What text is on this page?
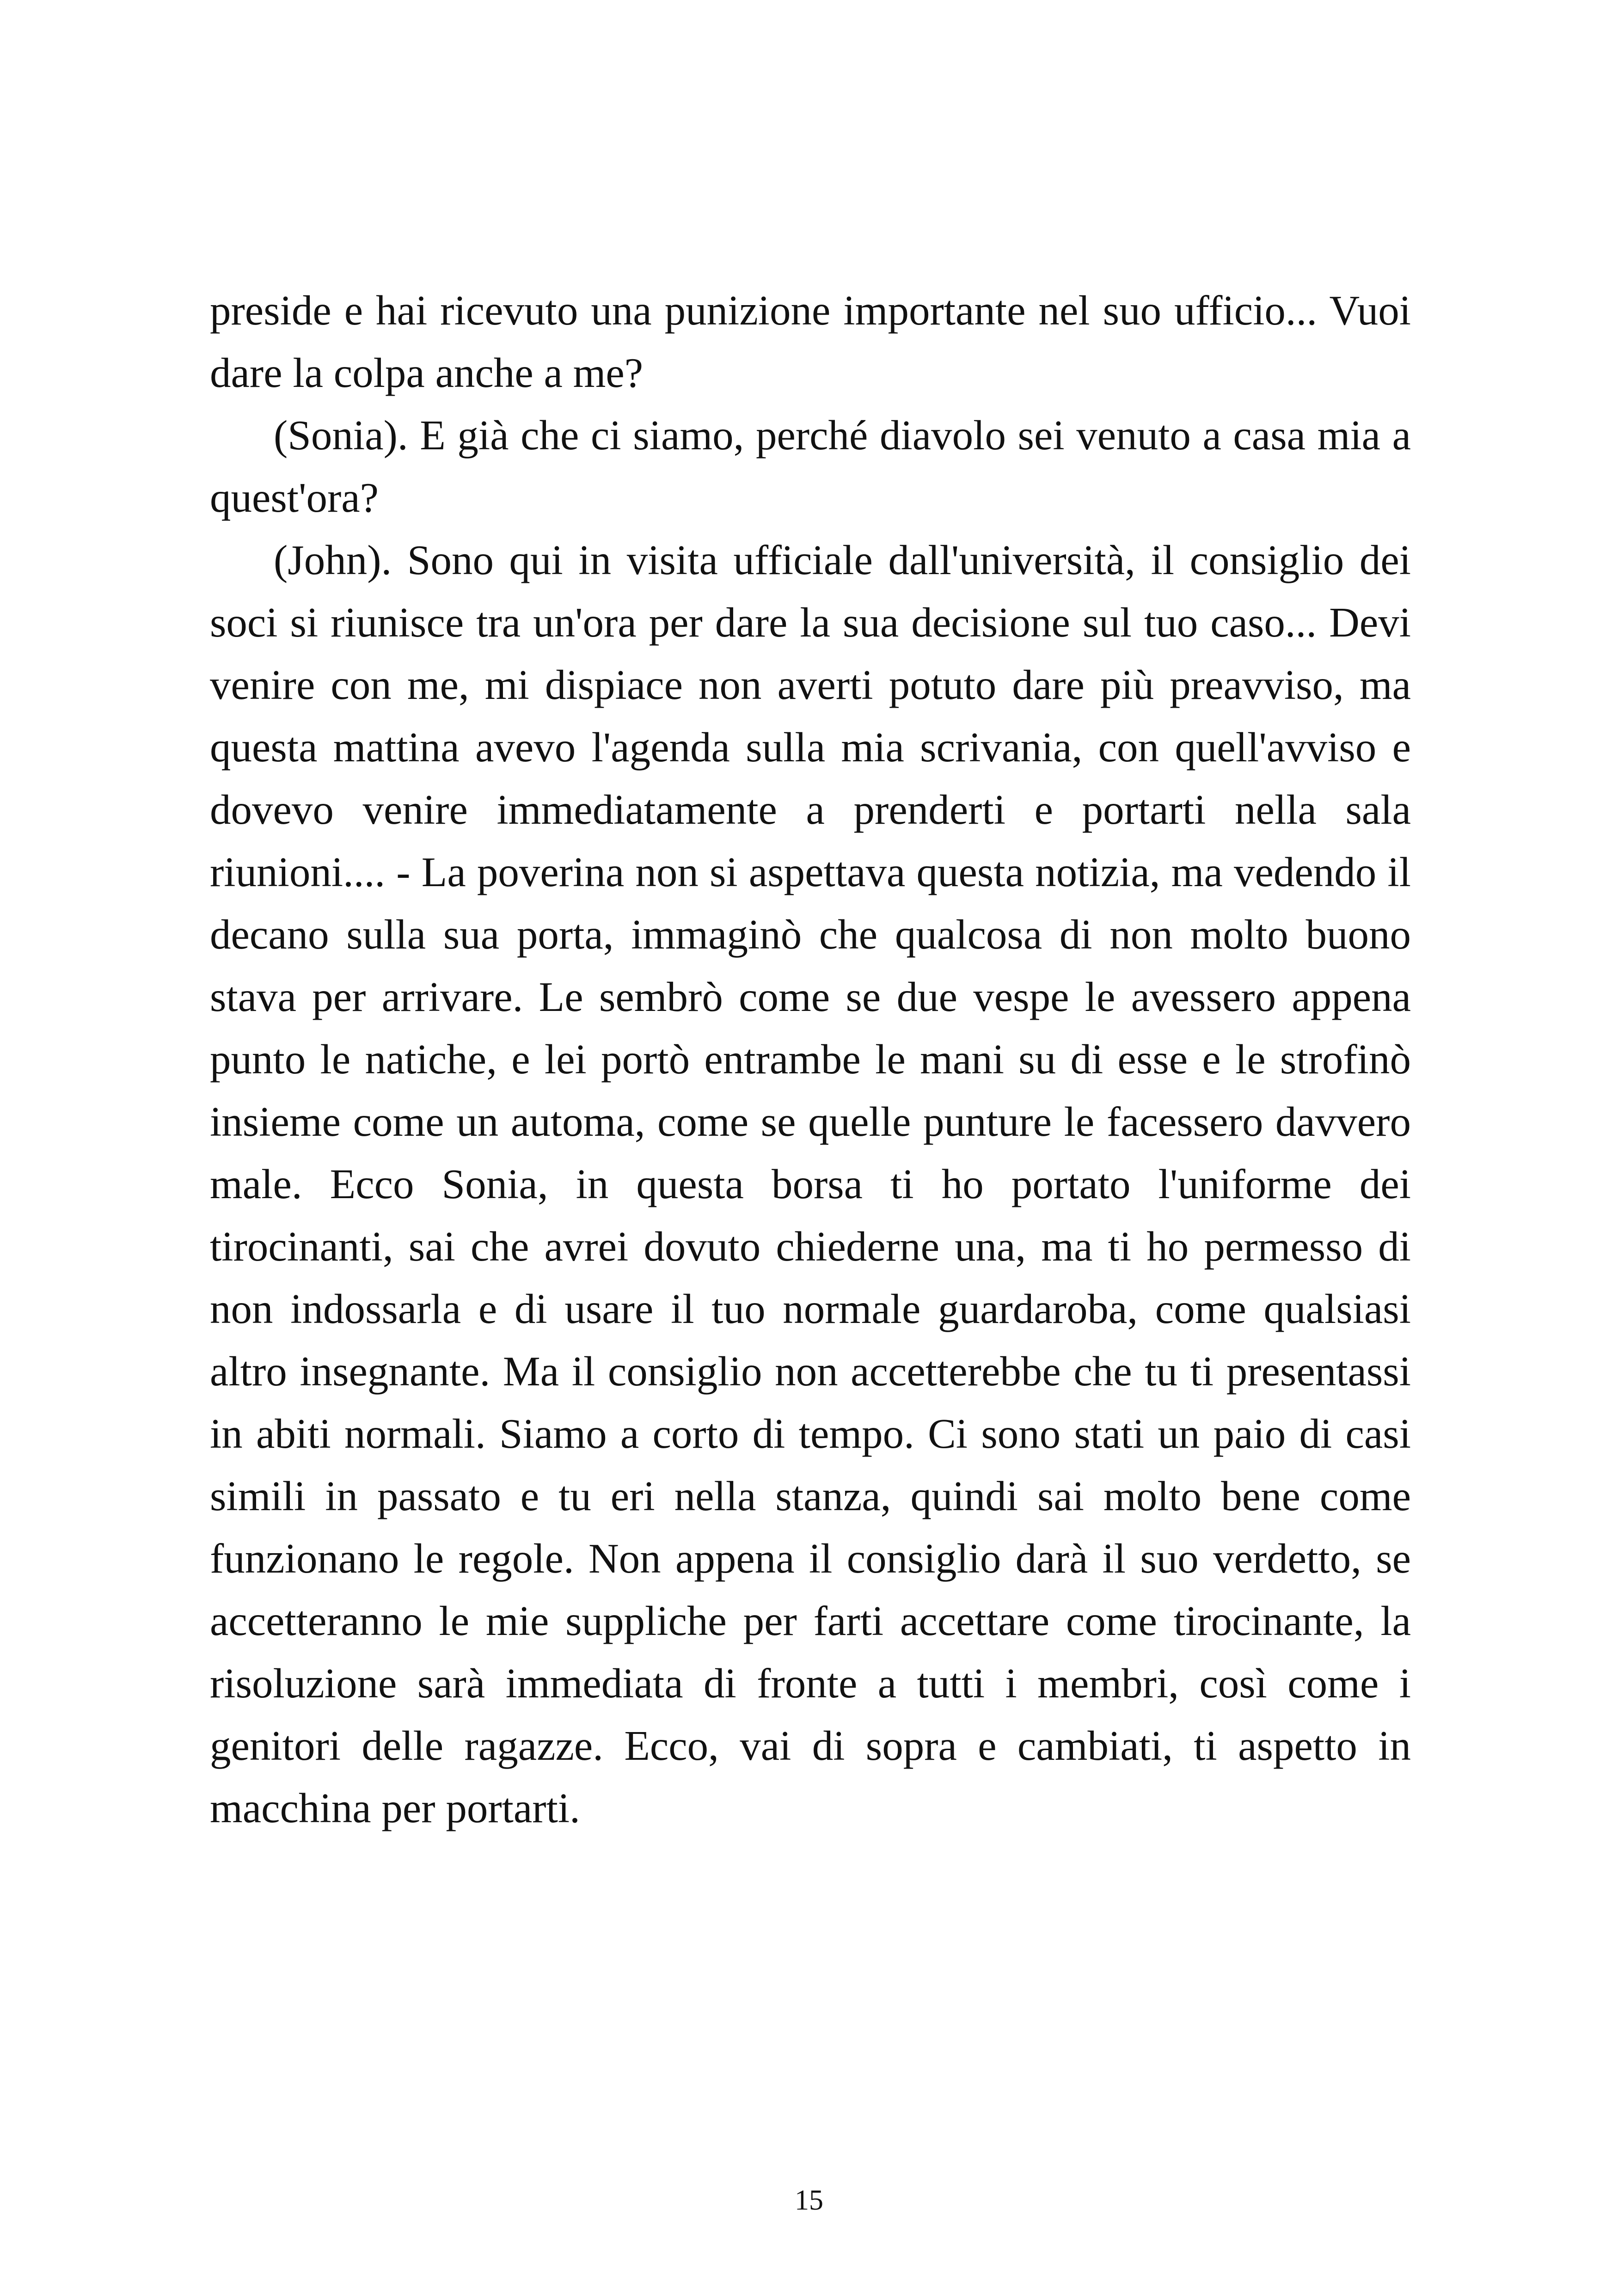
preside e hai ricevuto una punizione importante nel suo ufficio... Vuoi dare la colpa anche a me?

(Sonia). E già che ci siamo, perché diavolo sei venuto a casa mia a quest'ora?

(John). Sono qui in visita ufficiale dall'università, il consiglio dei soci si riunisce tra un'ora per dare la sua decisione sul tuo caso... Devi venire con me, mi dispiace non averti potuto dare più preavviso, ma questa mattina avevo l'agenda sulla mia scrivania, con quell'avviso e dovevo venire immediatamente a prenderti e portarti nella sala riunioni.... - La poverina non si aspettava questa notizia, ma vedendo il decano sulla sua porta, immaginò che qualcosa di non molto buono stava per arrivare. Le sembrò come se due vespe le avessero appena punto le natiche, e lei portò entrambe le mani su di esse e le strofinò insieme come un automa, come se quelle punture le facessero davvero male. Ecco Sonia, in questa borsa ti ho portato l'uniforme dei tirocinanti, sai che avrei dovuto chiederne una, ma ti ho permesso di non indossarla e di usare il tuo normale guardaroba, come qualsiasi altro insegnante. Ma il consiglio non accetterebbe che tu ti presentassi in abiti normali. Siamo a corto di tempo. Ci sono stati un paio di casi simili in passato e tu eri nella stanza, quindi sai molto bene come funzionano le regole. Non appena il consiglio darà il suo verdetto, se accetteranno le mie suppliche per farti accettare come tirocinante, la risoluzione sarà immediata di fronte a tutti i membri, così come i genitori delle ragazze. Ecco, vai di sopra e cambiati, ti aspetto in macchina per portarti.

15
